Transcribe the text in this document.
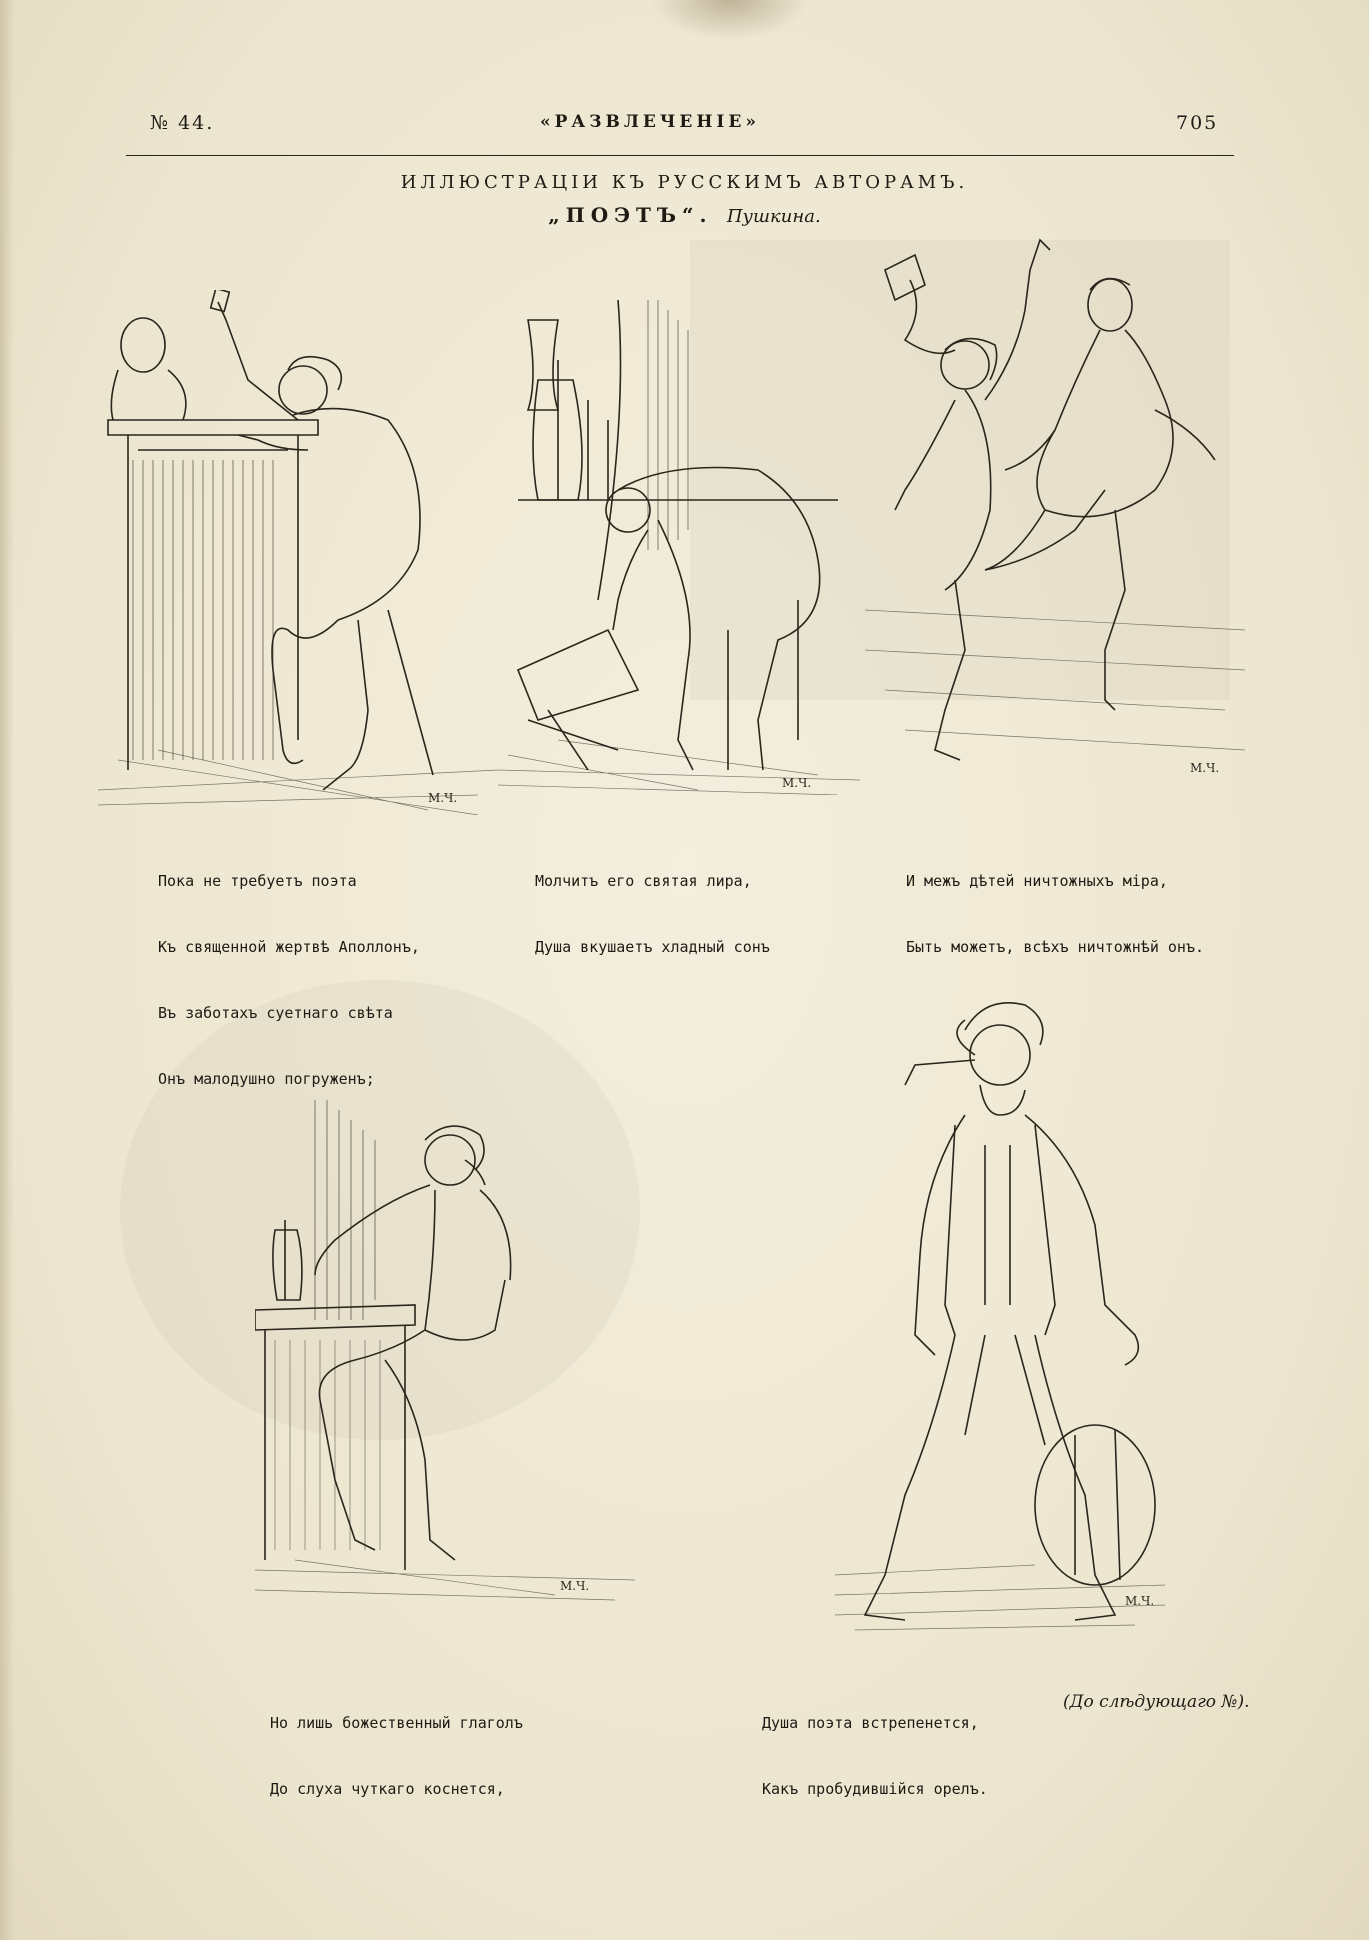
№ 44.	«РАЗВЛЕЧЕНІЕ»	705
ИЛЛЮСТРАЦІИ КЪ РУССКИМЪ АВТОРАМЪ.
„ПОЭТЪ“. Пушкина.
М.Ч.
М.Ч.
М.Ч.

Пока не требуетъ поэта

Къ священной жертвѣ Аполлонъ,

Въ заботахъ суетнаго свѣта

Онъ малодушно погруженъ;

Молчитъ его святая лира,

Душа вкушаетъ хладный сонъ

И межъ дѣтей ничтожныхъ міра,

Быть можетъ, всѣхъ ничтожнѣй онъ.

М.Ч.
М.Ч.

Но лишь божественный глаголъ

До слуха чуткаго коснется,

Душа поэта встрепенется,

Какъ пробудившійся орелъ.

(До слѣдующаго №).
